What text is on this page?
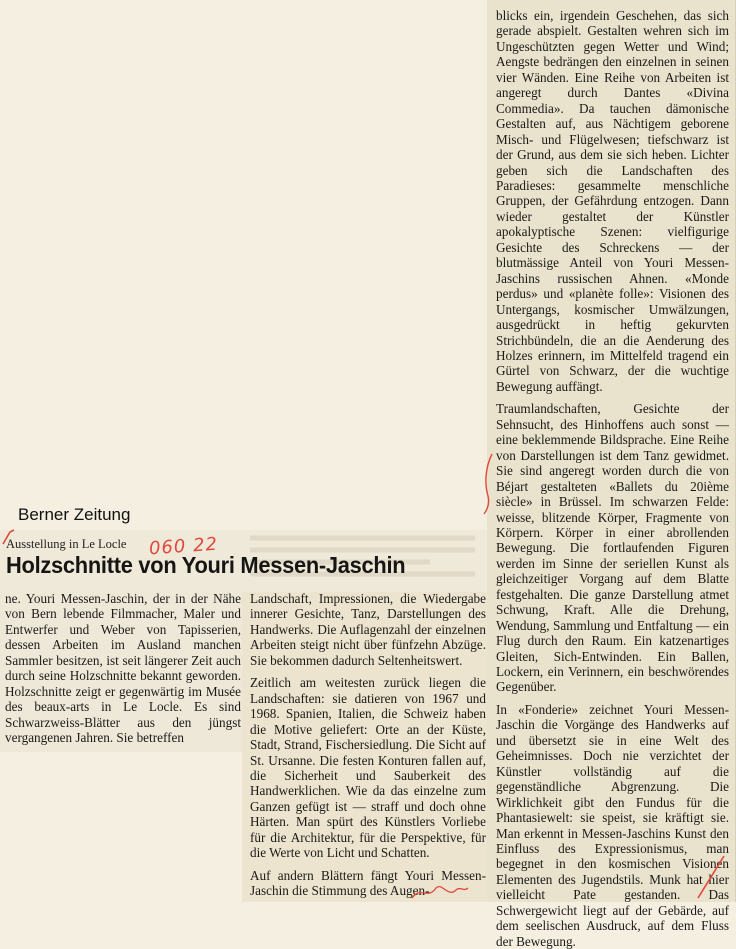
Berner Zeitung
Ausstellung in Le Locle 060 22
Holzschnitte von Youri Messen-Jaschin

ne. Youri Messen-Jaschin, der in der Nähe von Bern lebende Filmmacher, Maler und Entwerfer und Weber von Tapisserien, dessen Arbeiten im Ausland manchen Sammler besitzen, ist seit längerer Zeit auch durch seine Holzschnitte bekannt geworden. Holzschnitte zeigt er gegenwärtig im Musée des beaux-arts in Le Locle. Es sind Schwarzweiss-Blätter aus den jüngst vergangenen Jahren. Sie betreffen

Landschaft, Impressionen, die Wiedergabe innerer Gesichte, Tanz, Darstellungen des Handwerks. Die Auflagenzahl der einzelnen Arbeiten steigt nicht über fünfzehn Abzüge. Sie bekommen dadurch Seltenheitswert.

Zeitlich am weitesten zurück liegen die Landschaften: sie datieren von 1967 und 1968. Spanien, Italien, die Schweiz haben die Motive geliefert: Orte an der Küste, Stadt, Strand, Fischersiedlung. Die Sicht auf St. Ursanne. Die festen Konturen fallen auf, die Sicherheit und Sauberkeit des Handwerklichen. Wie da das einzelne zum Ganzen gefügt ist — straff und doch ohne Härten. Man spürt des Künstlers Vorliebe für die Architektur, für die Perspektive, für die Werte von Licht und Schatten.

Auf andern Blättern fängt Youri Messen-Jaschin die Stimmung des Augen-

blicks ein, irgendein Geschehen, das sich gerade abspielt. Gestalten wehren sich im Ungeschützten gegen Wetter und Wind; Aengste bedrängen den einzelnen in seinen vier Wänden. Eine Reihe von Arbeiten ist angeregt durch Dantes «Divina Commedia». Da tauchen dämonische Gestalten auf, aus Nächtigem geborene Misch- und Flügelwesen; tiefschwarz ist der Grund, aus dem sie sich heben. Lichter geben sich die Landschaften des Paradieses: gesammelte menschliche Gruppen, der Gefährdung entzogen. Dann wieder gestaltet der Künstler apokalyptische Szenen: vielfigurige Gesichte des Schreckens — der blutmässige Anteil von Youri Messen-Jaschins russischen Ahnen. «Monde perdus» und «planète folle»: Visionen des Untergangs, kosmischer Umwälzungen, ausgedrückt in heftig gekurvten Strichbündeln, die an die Aenderung des Holzes erinnern, im Mittelfeld tragend ein Gürtel von Schwarz, der die wuchtige Bewegung auffängt.

Traumlandschaften, Gesichte der Sehnsucht, des Hinhoffens auch sonst — eine beklemmende Bildsprache. Eine Reihe von Darstellungen ist dem Tanz gewidmet. Sie sind angeregt worden durch die von Béjart gestalteten «Ballets du 20ième siècle» in Brüssel. Im schwarzen Felde: weisse, blitzende Körper, Fragmente von Körpern. Körper in einer abrollenden Bewegung. Die fortlaufenden Figuren werden im Sinne der seriellen Kunst als gleichzeitiger Vorgang auf dem Blatte festgehalten. Die ganze Darstellung atmet Schwung, Kraft. Alle die Drehung, Wendung, Sammlung und Entfaltung — ein Flug durch den Raum. Ein katzenartiges Gleiten, Sich-Entwinden. Ein Ballen, Lockern, ein Verinnern, ein beschwörendes Gegenüber.

In «Fonderie» zeichnet Youri Messen-Jaschin die Vorgänge des Handwerks auf und übersetzt sie in eine Welt des Geheimnisses. Doch nie verzichtet der Künstler vollständig auf die gegenständliche Abgrenzung. Die Wirklichkeit gibt den Fundus für die Phantasiewelt: sie speist, sie kräftigt sie. Man erkennt in Messen-Jaschins Kunst den Einfluss des Expressionismus, man begegnet in den kosmischen Visionen Elementen des Jugendstils. Munk hat hier vielleicht Pate gestanden. Das Schwergewicht liegt auf der Gebärde, auf dem seelischen Ausdruck, auf dem Fluss der Bewegung.
